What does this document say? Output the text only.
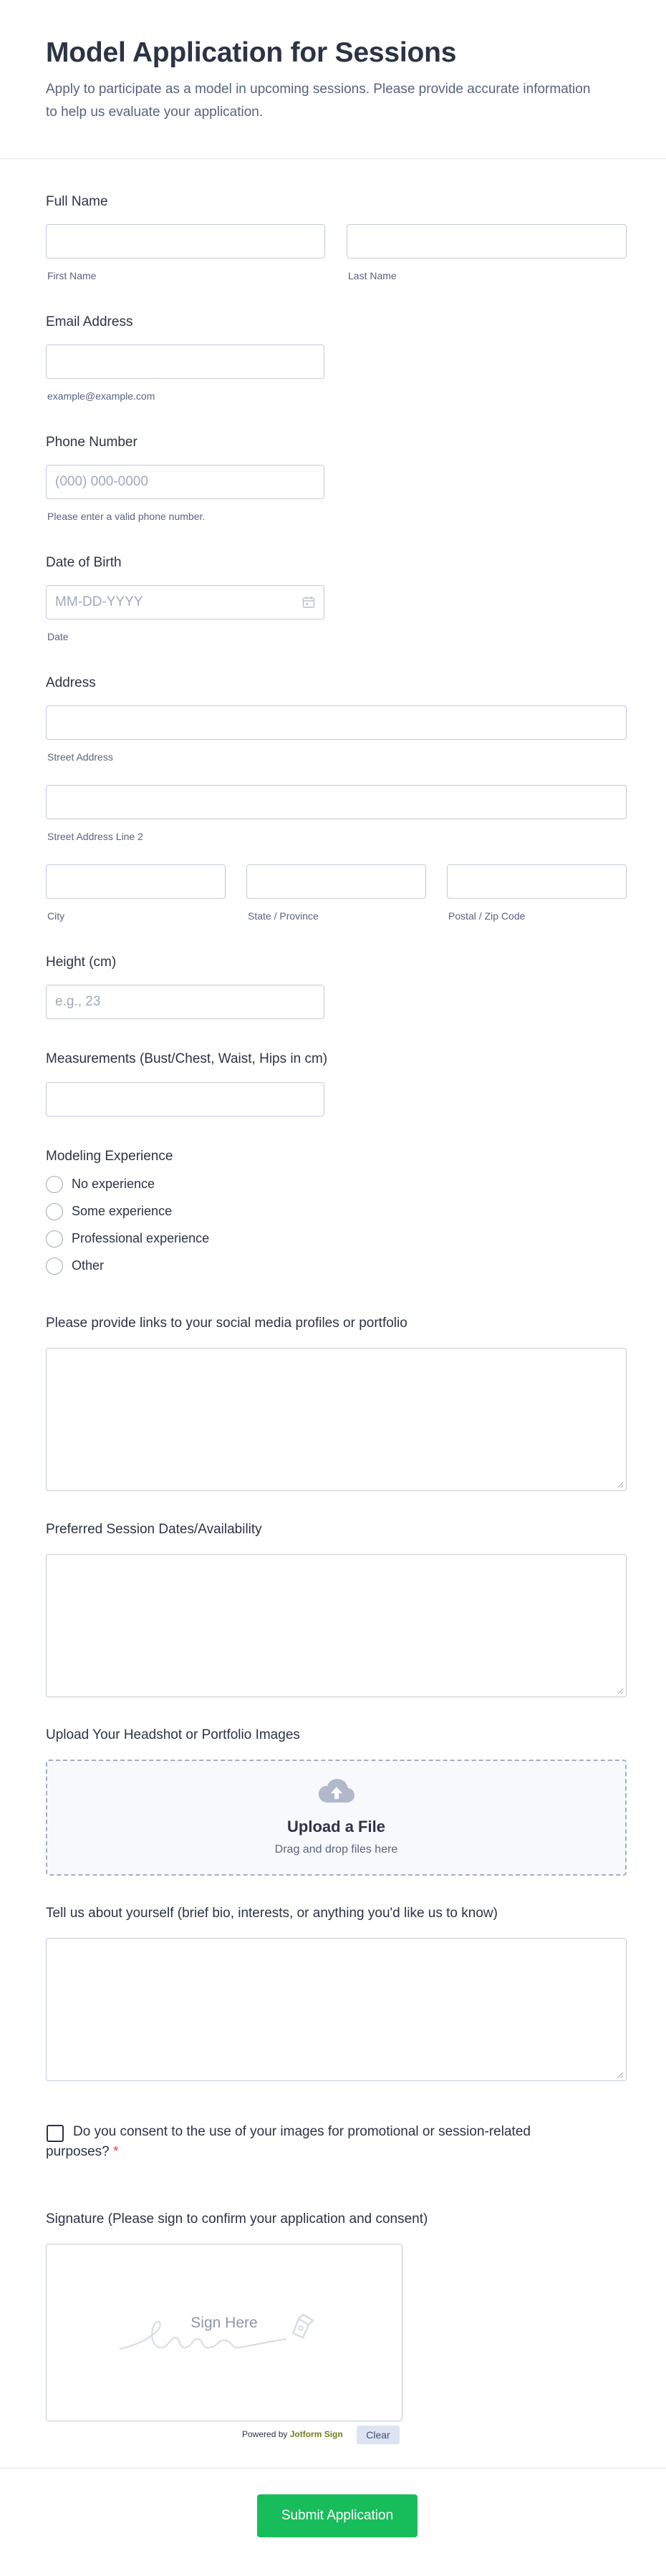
Model Application for Sessions

Apply to participate as a model in upcoming sessions. Please provide accurate information to help us evaluate your application.

Full Name
First Name	Last Name
Email Address
example@example.com
Phone Number
(000) 000-0000
Please enter a valid phone number.
Date of Birth
MM-DD-YYYY
Date
Address
Street Address
Street Address Line 2
City	State / Province	Postal / Zip Code
Height (cm)
e.g., 23
Measurements (Bust/Chest, Waist, Hips in cm)
Modeling Experience
No experience
Some experience
Professional experience
Other
Please provide links to your social media profiles or portfolio
Preferred Session Dates/Availability
Upload Your Headshot or Portfolio Images
Upload a File
Drag and drop files here
Tell us about yourself (brief bio, interests, or anything you'd like us to know)
Do you consent to the use of your images for promotional or session-related purposes? *
Signature (Please sign to confirm your application and consent)
Sign Here
Powered by Jotform Sign	Clear
Submit Application
